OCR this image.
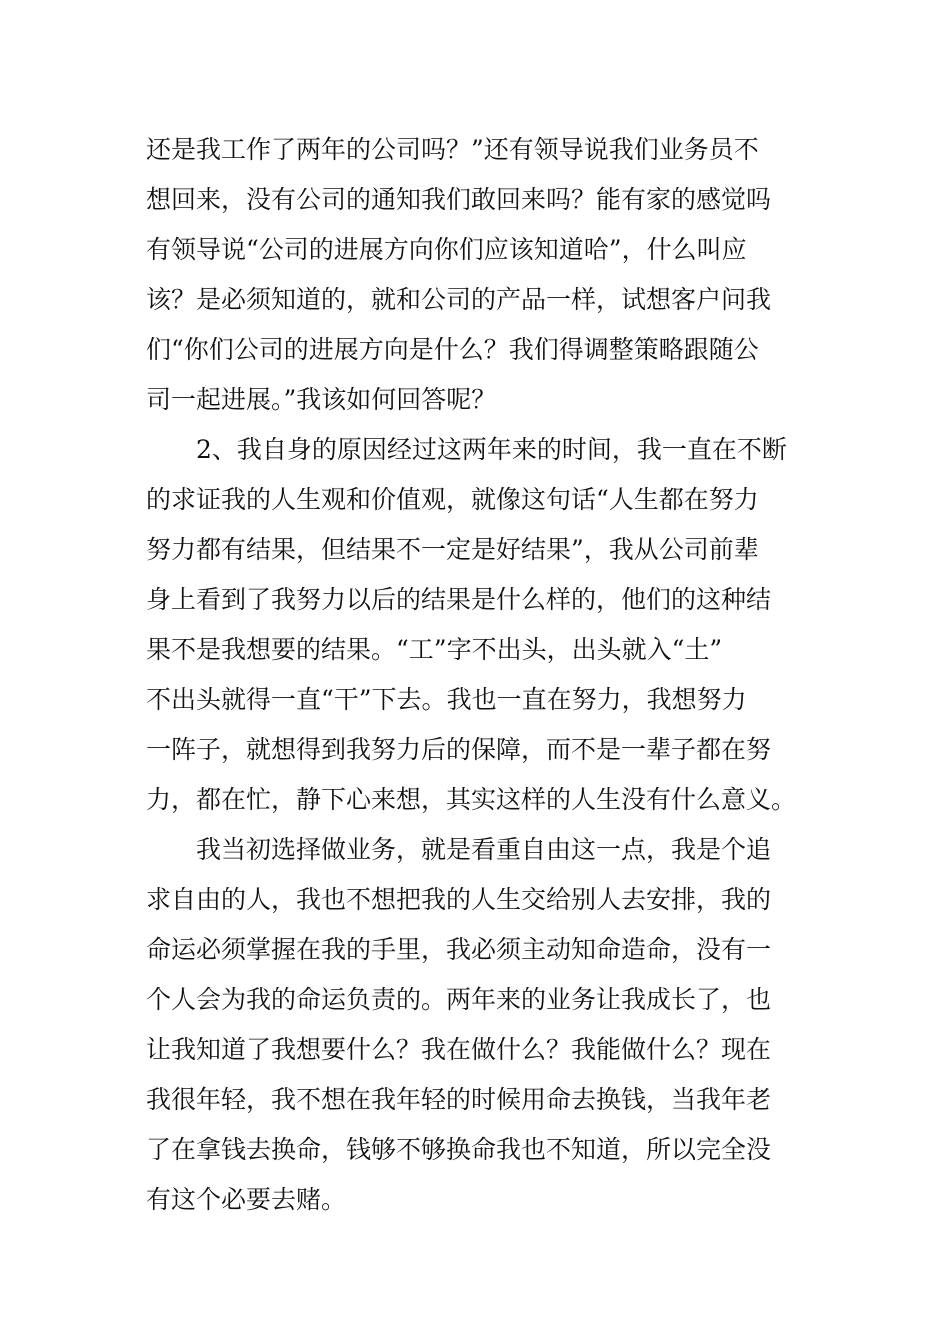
还是我工作了两年的公司吗？”还有领导说我们业务员不
想回来，没有公司的通知我们敢回来吗？能有家的感觉吗
有领导说“公司的进展方向你们应该知道哈”，什么叫应
该？是必须知道的，就和公司的产品一样，试想客户问我
们“你们公司的进展方向是什么？我们得调整策略跟随公
司一起进展。”我该如何回答呢？
2、我自身的原因经过这两年来的时间，我一直在不断
的求证我的人生观和价值观，就像这句话“人生都在努力
努力都有结果，但结果不一定是好结果”，我从公司前辈
身上看到了我努力以后的结果是什么样的，他们的这种结
果不是我想要的结果。“工”字不出头，出头就入“土”
不出头就得一直“干”下去。我也一直在努力，我想努力
一阵子，就想得到我努力后的保障，而不是一辈子都在努
力，都在忙，静下心来想，其实这样的人生没有什么意义。
我当初选择做业务，就是看重自由这一点，我是个追
求自由的人，我也不想把我的人生交给别人去安排，我的
命运必须掌握在我的手里，我必须主动知命造命，没有一
个人会为我的命运负责的。两年来的业务让我成长了，也
让我知道了我想要什么？我在做什么？我能做什么？现在
我很年轻，我不想在我年轻的时候用命去换钱，当我年老
了在拿钱去换命，钱够不够换命我也不知道，所以完全没
有这个必要去赌。
